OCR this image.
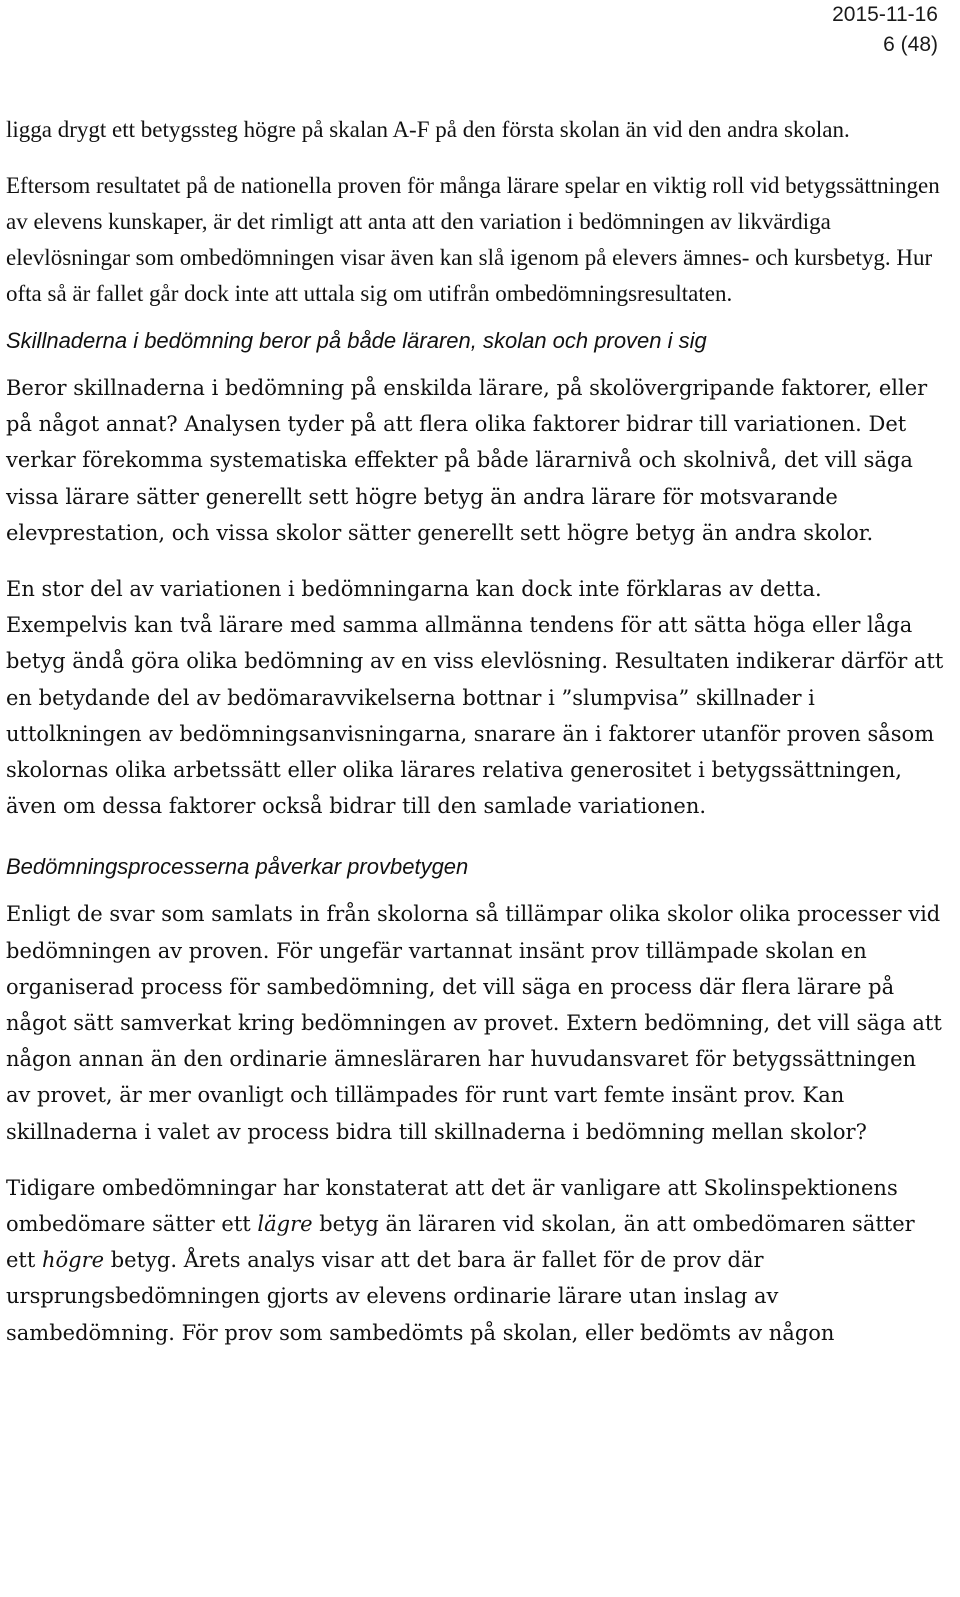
2015-11-16
6 (48)

ligga drygt ett betygssteg högre på skalan A-F på den första skolan än vid den andra skolan.

Eftersom resultatet på de nationella proven för många lärare spelar en viktig roll vid betygssättningen av elevens kunskaper, är det rimligt att anta att den variation i bedömningen av likvärdiga elevlösningar som ombedömningen visar även kan slå igenom på elevers ämnes- och kursbetyg. Hur ofta så är fallet går dock inte att uttala sig om utifrån ombedömningsresultaten.

Skillnaderna i bedömning beror på både läraren, skolan och proven i sig

Beror skillnaderna i bedömning på enskilda lärare, på skolövergripande faktorer, eller på något annat? Analysen tyder på att flera olika faktorer bidrar till variationen. Det verkar förekomma systematiska effekter på både lärarnivå och skolnivå, det vill säga vissa lärare sätter generellt sett högre betyg än andra lärare för motsvarande elevprestation, och vissa skolor sätter generellt sett högre betyg än andra skolor.

En stor del av variationen i bedömningarna kan dock inte förklaras av detta. Exempelvis kan två lärare med samma allmänna tendens för att sätta höga eller låga betyg ändå göra olika bedömning av en viss elevlösning. Resultaten indikerar därför att en betydande del av bedömaravvikelserna bottnar i ”slumpvisa” skillnader i uttolkningen av bedömningsanvisningarna, snarare än i faktorer utanför proven såsom skolornas olika arbetssätt eller olika lärares relativa generositet i betygssättningen, även om dessa faktorer också bidrar till den samlade variationen.

Bedömningsprocesserna påverkar provbetygen

Enligt de svar som samlats in från skolorna så tillämpar olika skolor olika processer vid bedömningen av proven. För ungefär vartannat insänt prov tillämpade skolan en organiserad process för sambedömning, det vill säga en process där flera lärare på något sätt samverkat kring bedömningen av provet. Extern bedömning, det vill säga att någon annan än den ordinarie ämnesläraren har huvudansvaret för betygssättningen av provet, är mer ovanligt och tillämpades för runt vart femte insänt prov. Kan skillnaderna i valet av process bidra till skillnaderna i bedömning mellan skolor?

Tidigare ombedömningar har konstaterat att det är vanligare att Skolinspektionens ombedömare sätter ett lägre betyg än läraren vid skolan, än att ombedömaren sätter ett högre betyg. Årets analys visar att det bara är fallet för de prov där ursprungsbedömningen gjorts av elevens ordinarie lärare utan inslag av sambedömning. För prov som sambedömts på skolan, eller bedömts av någon
